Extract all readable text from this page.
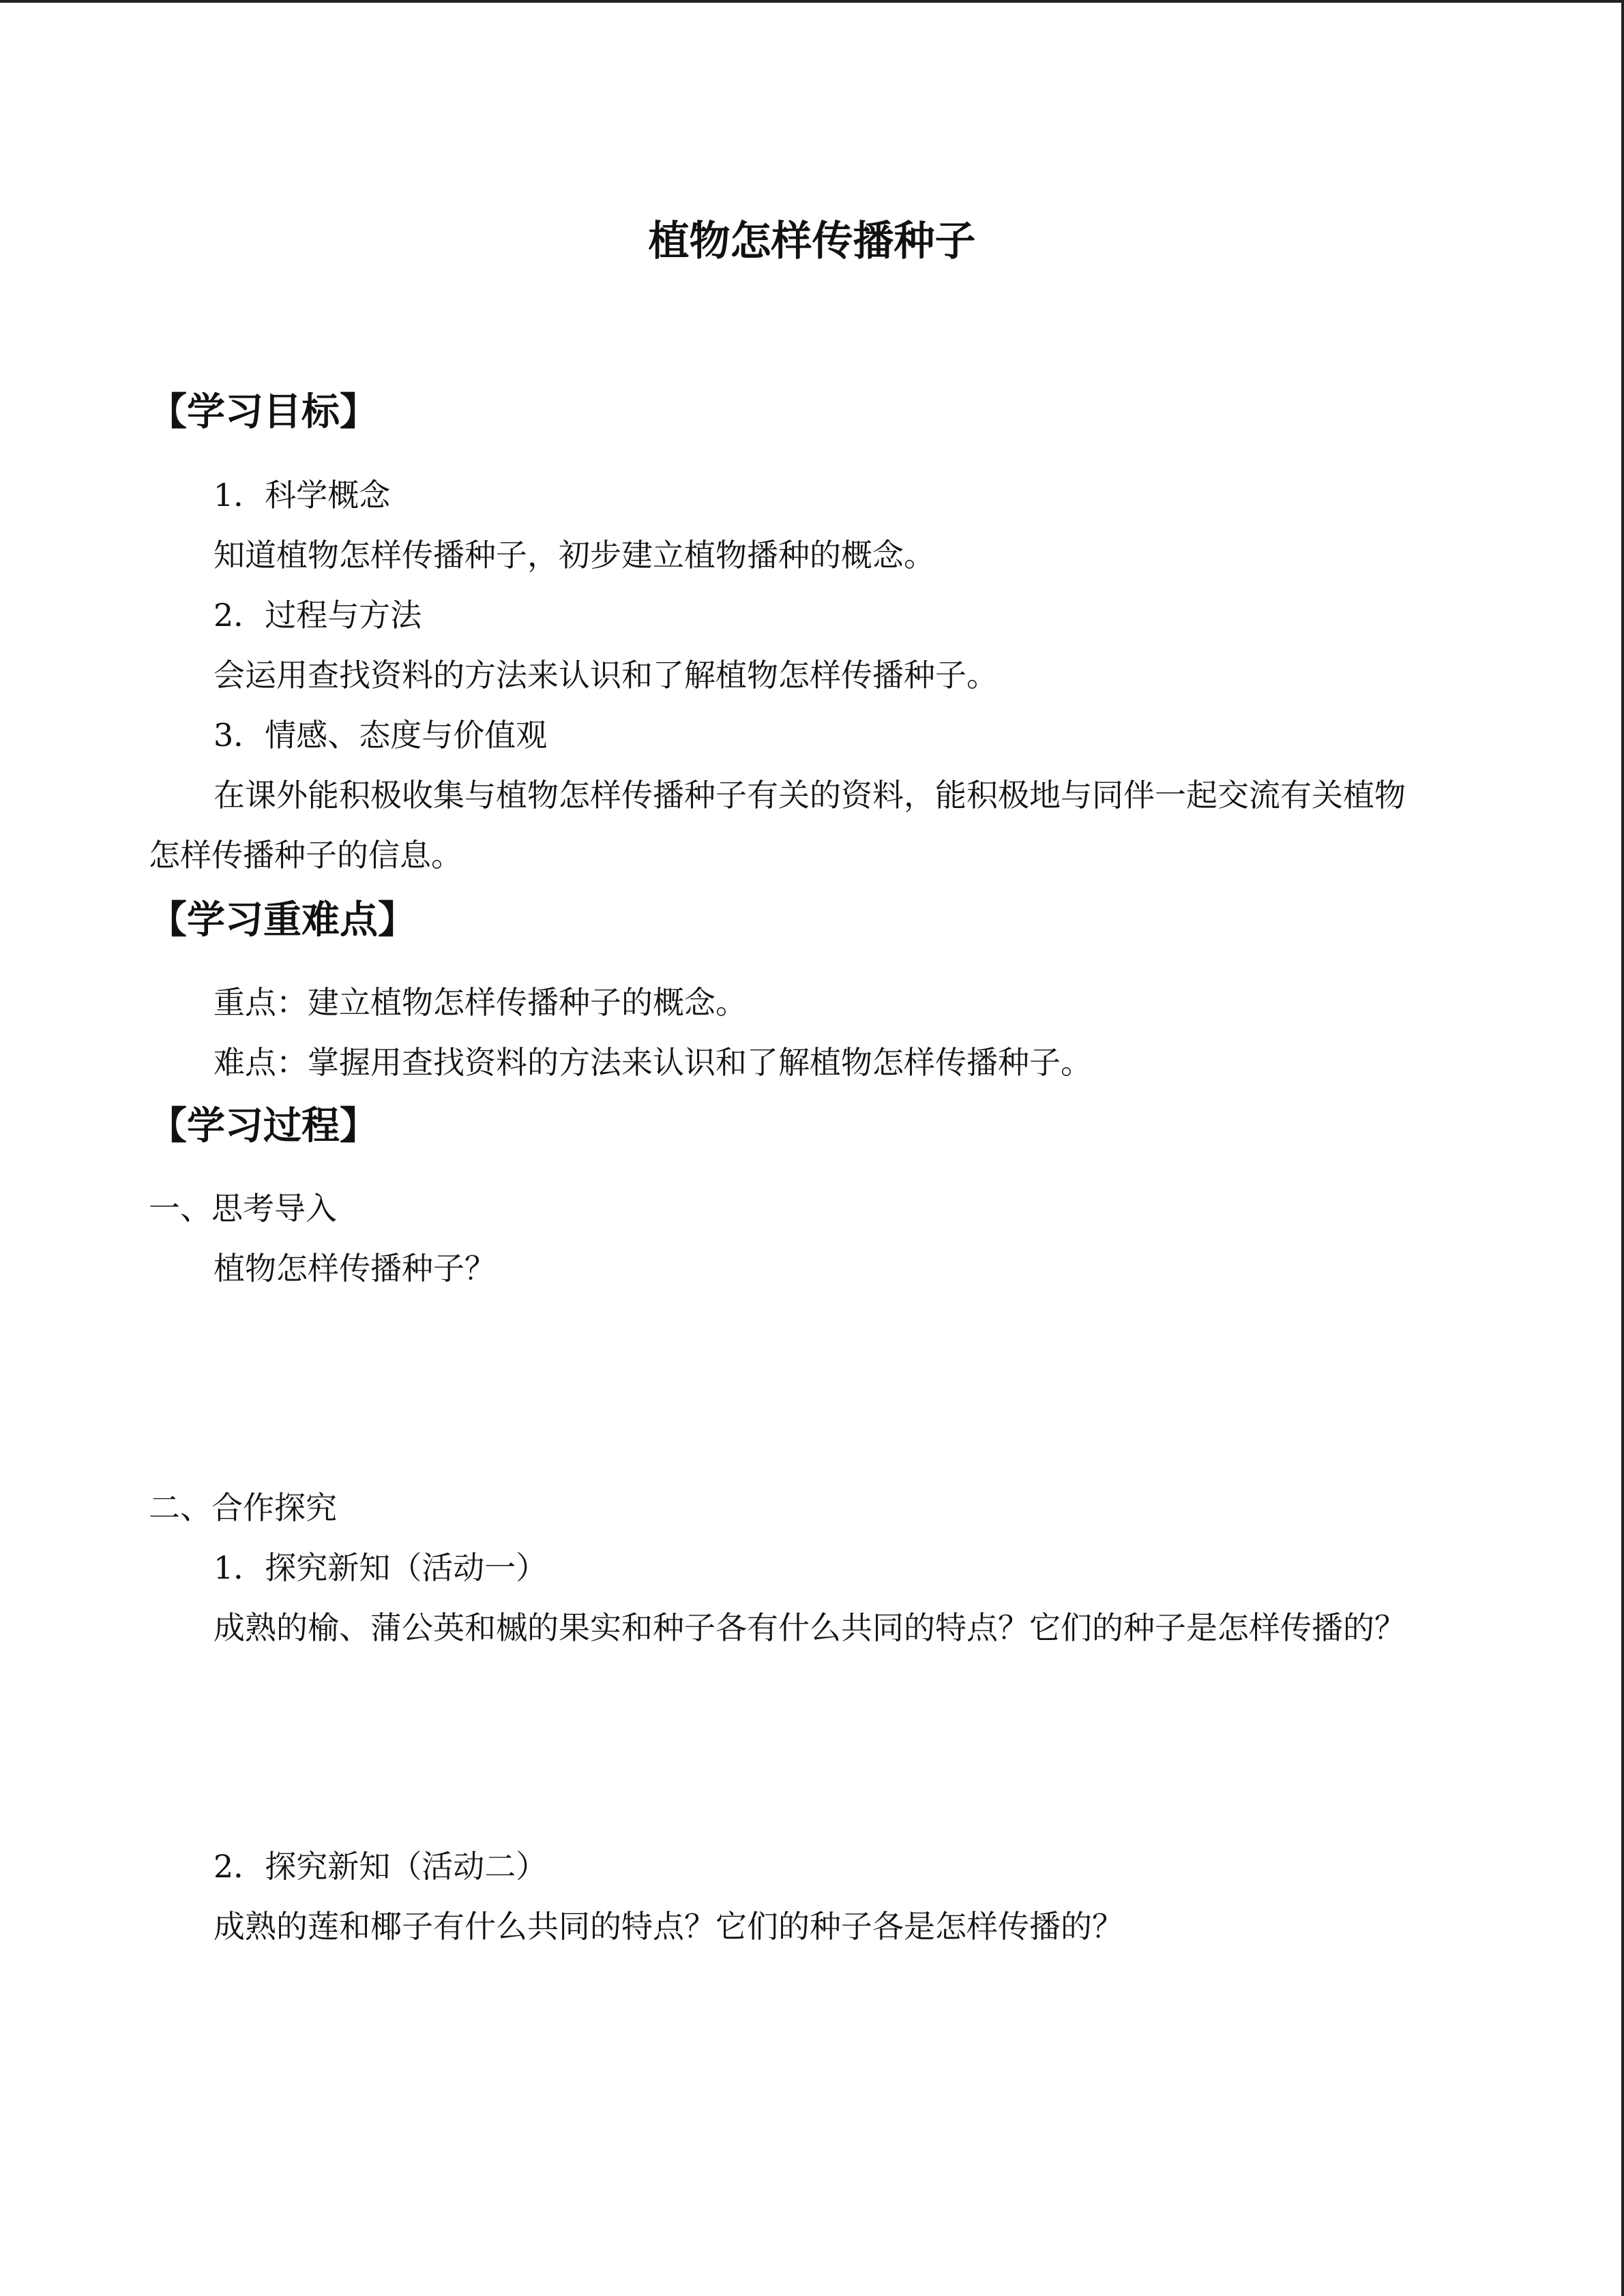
植物怎样传播种子
【学习目标】
1．科学概念
知道植物怎样传播种子，初步建立植物播种的概念。
2．过程与方法
会运用查找资料的方法来认识和了解植物怎样传播种子。
3．情感、态度与价值观
在课外能积极收集与植物怎样传播种子有关的资料，能积极地与同伴一起交流有关植物
怎样传播种子的信息。
【学习重难点】
重点：建立植物怎样传播种子的概念。
难点：掌握用查找资料的方法来认识和了解植物怎样传播种子。
【学习过程】
一、思考导入
植物怎样传播种子？
二、合作探究
1．探究新知（活动一）
成熟的榆、蒲公英和槭的果实和种子各有什么共同的特点？它们的种子是怎样传播的？
2．探究新知（活动二）
成熟的莲和椰子有什么共同的特点？它们的种子各是怎样传播的？
